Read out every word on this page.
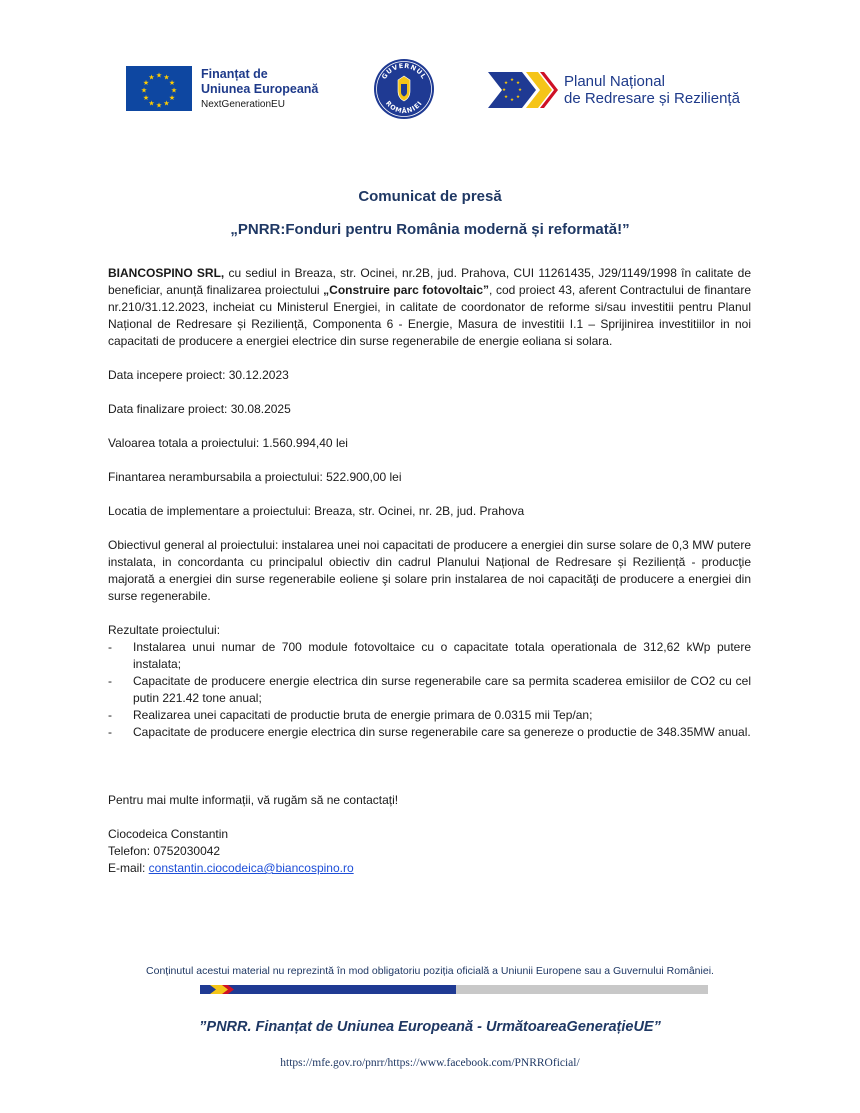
★ ★
★
★
★
★
★
★
★
★
★
★	Finanțat de
Uniunea Europeană
NextGenerationEU
GUVERNUL
ROMÂNIEI
★
★
★
★
★
★
★
★	Planul Național
de Redresare și Reziliență
Comunicat de presă
„PNRR:Fonduri pentru România modernă și reformată!”

BIANCOSPINO SRL, cu sediul in Breaza, str. Ocinei, nr.2B, jud. Prahova, CUI 11261435, J29/1149/1998 în calitate de beneficiar, anunță finalizarea proiectului „Construire parc fotovoltaic”, cod proiect 43, aferent Contractului de finantare nr.210/31.12.2023, incheiat cu Ministerul Energiei, in calitate de coordonator de reforme si/sau investitii pentru Planul Național de Redresare și Reziliență, Componenta 6 - Energie, Masura de investitii I.1 – Sprijinirea investitiilor in noi capacitati de producere a energiei electrice din surse regenerabile de energie eoliana si solara.

Data incepere proiect: 30.12.2023

Data finalizare proiect: 30.08.2025

Valoarea totala a proiectului: 1.560.994,40 lei

Finantarea nerambursabila a proiectului: 522.900,00 lei

Locatia de implementare a proiectului: Breaza, str. Ocinei, nr. 2B, jud. Prahova

Obiectivul general al proiectului: instalarea unei noi capacitati de producere a energiei din surse solare de 0,3 MW putere instalata, in concordanta cu principalul obiectiv din cadrul Planului Național de Redresare și Reziliență - producţie majorată a energiei din surse regenerabile eoliene şi solare prin instalarea de noi capacităţi de producere a energiei din surse regenerabile.

Rezultate proiectului:

- Instalarea unui numar de 700 module fotovoltaice cu o capacitate totala operationala de 312,62 kWp putere instalata;
- Capacitate de producere energie electrica din surse regenerabile care sa permita scaderea emisiilor de CO2 cu cel putin 221.42 tone anual;
- Realizarea unei capacitati de productie bruta de energie primara de 0.0315 mii Tep/an;
- Capacitate de producere energie electrica din surse regenerabile care sa genereze o productie de 348.35MW anual.

Pentru mai multe informații, vă rugăm să ne contactați!

Ciocodeica Constantin

Telefon: 0752030042

E-mail: constantin.ciocodeica@biancospino.ro

Conținutul acestui material nu reprezintă în mod obligatoriu poziția oficială a Uniunii Europene sau a Guvernului României.
”PNRR. Finanțat de Uniunea Europeană - UrmătoareaGenerațieUE”
https://mfe.gov.ro/pnrr/https://www.facebook.com/PNRROficial/
